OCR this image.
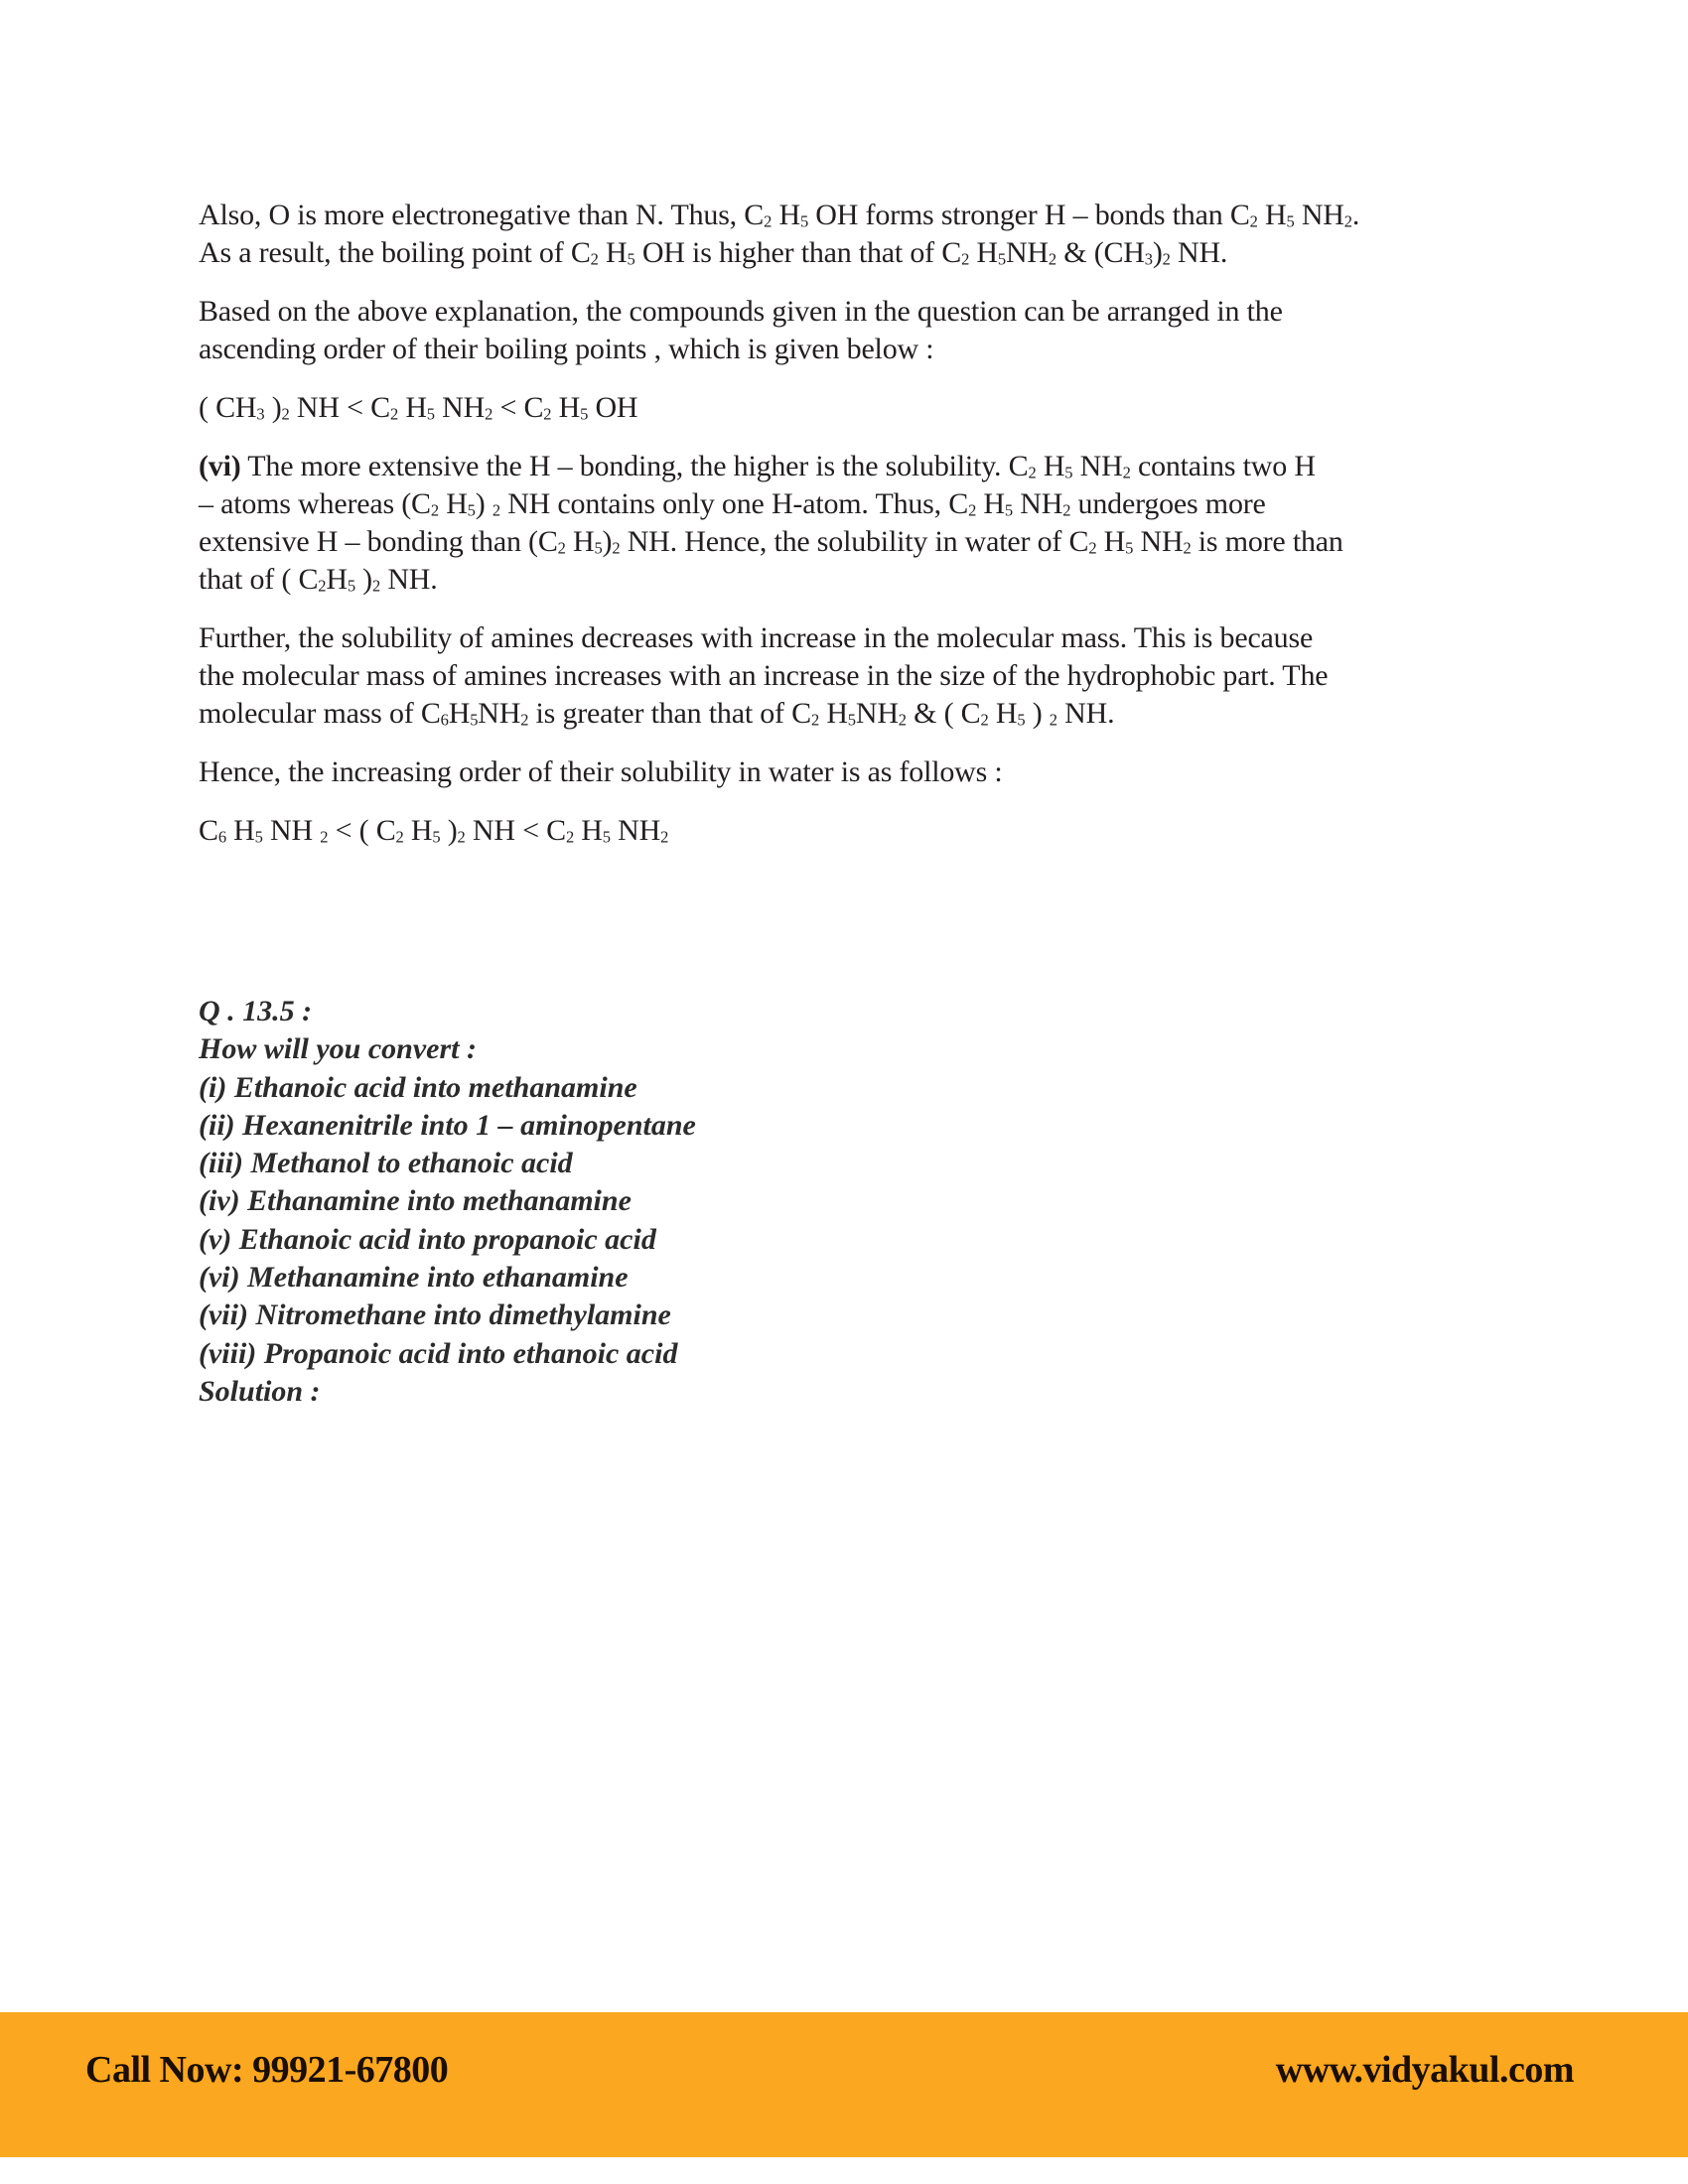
Also, O is more electronegative than N. Thus, $C_2$ $H_5$ OH forms stronger H – bonds than $C_2$ $H_5$ $NH_2$.
As a result, the boiling point of $C_2$ $H_5$ OH is higher than that of $C_2$ $H_5NH_2$ & $(CH_3)_2$ NH.
Based on the above explanation, the compounds given in the question can be arranged in the
ascending order of their boiling points , which is given below :
( $CH_3$ )$_2$ NH < $C_2$ $H_5$ $NH_2 < C_2$ $H_5$ OH
(vi) The more extensive the H – bonding, the higher is the solubility. $C_2$ $H_5$ $NH_2$ contains two H
– atoms whereas ($C_2$ $H_5$) $_2$ NH contains only one H-atom. Thus, $C_2$ $H_5$ $NH_2$ undergoes more
extensive H – bonding than ($C_2$ $H_5)_2$ NH. Hence, the solubility in water of $C_2$ $H_5$ $NH_2$ is more than
that of ( $C_2H_5$ )$_2$ NH.
Further, the solubility of amines decreases with increase in the molecular mass. This is because
the molecular mass of amines increases with an increase in the size of the hydrophobic part. The
molecular mass of $C_6H_5NH_2$ is greater than that of $C_2$ $H_5NH_2$ & ( $C_2$ $H_5$ ) $_2$ NH.
Hence, the increasing order of their solubility in water is as follows :
$C_6$ $H_5$ NH $_2$ < ( $C_2$ $H_5$ )$_2$ NH < $C_2$ $H_5$ $NH_2$
Q . 13.5 :
How will you convert :
(i) Ethanoic acid into methanamine
(ii) Hexanenitrile into 1 – aminopentane
(iii) Methanol to ethanoic acid
(iv) Ethanamine into methanamine
(v) Ethanoic acid into propanoic acid
(vi) Methanamine into ethanamine
(vii) Nitromethane into dimethylamine
(viii) Propanoic acid into ethanoic acid
Solution :
Call Now: 99921-67800	www.vidyakul.com
